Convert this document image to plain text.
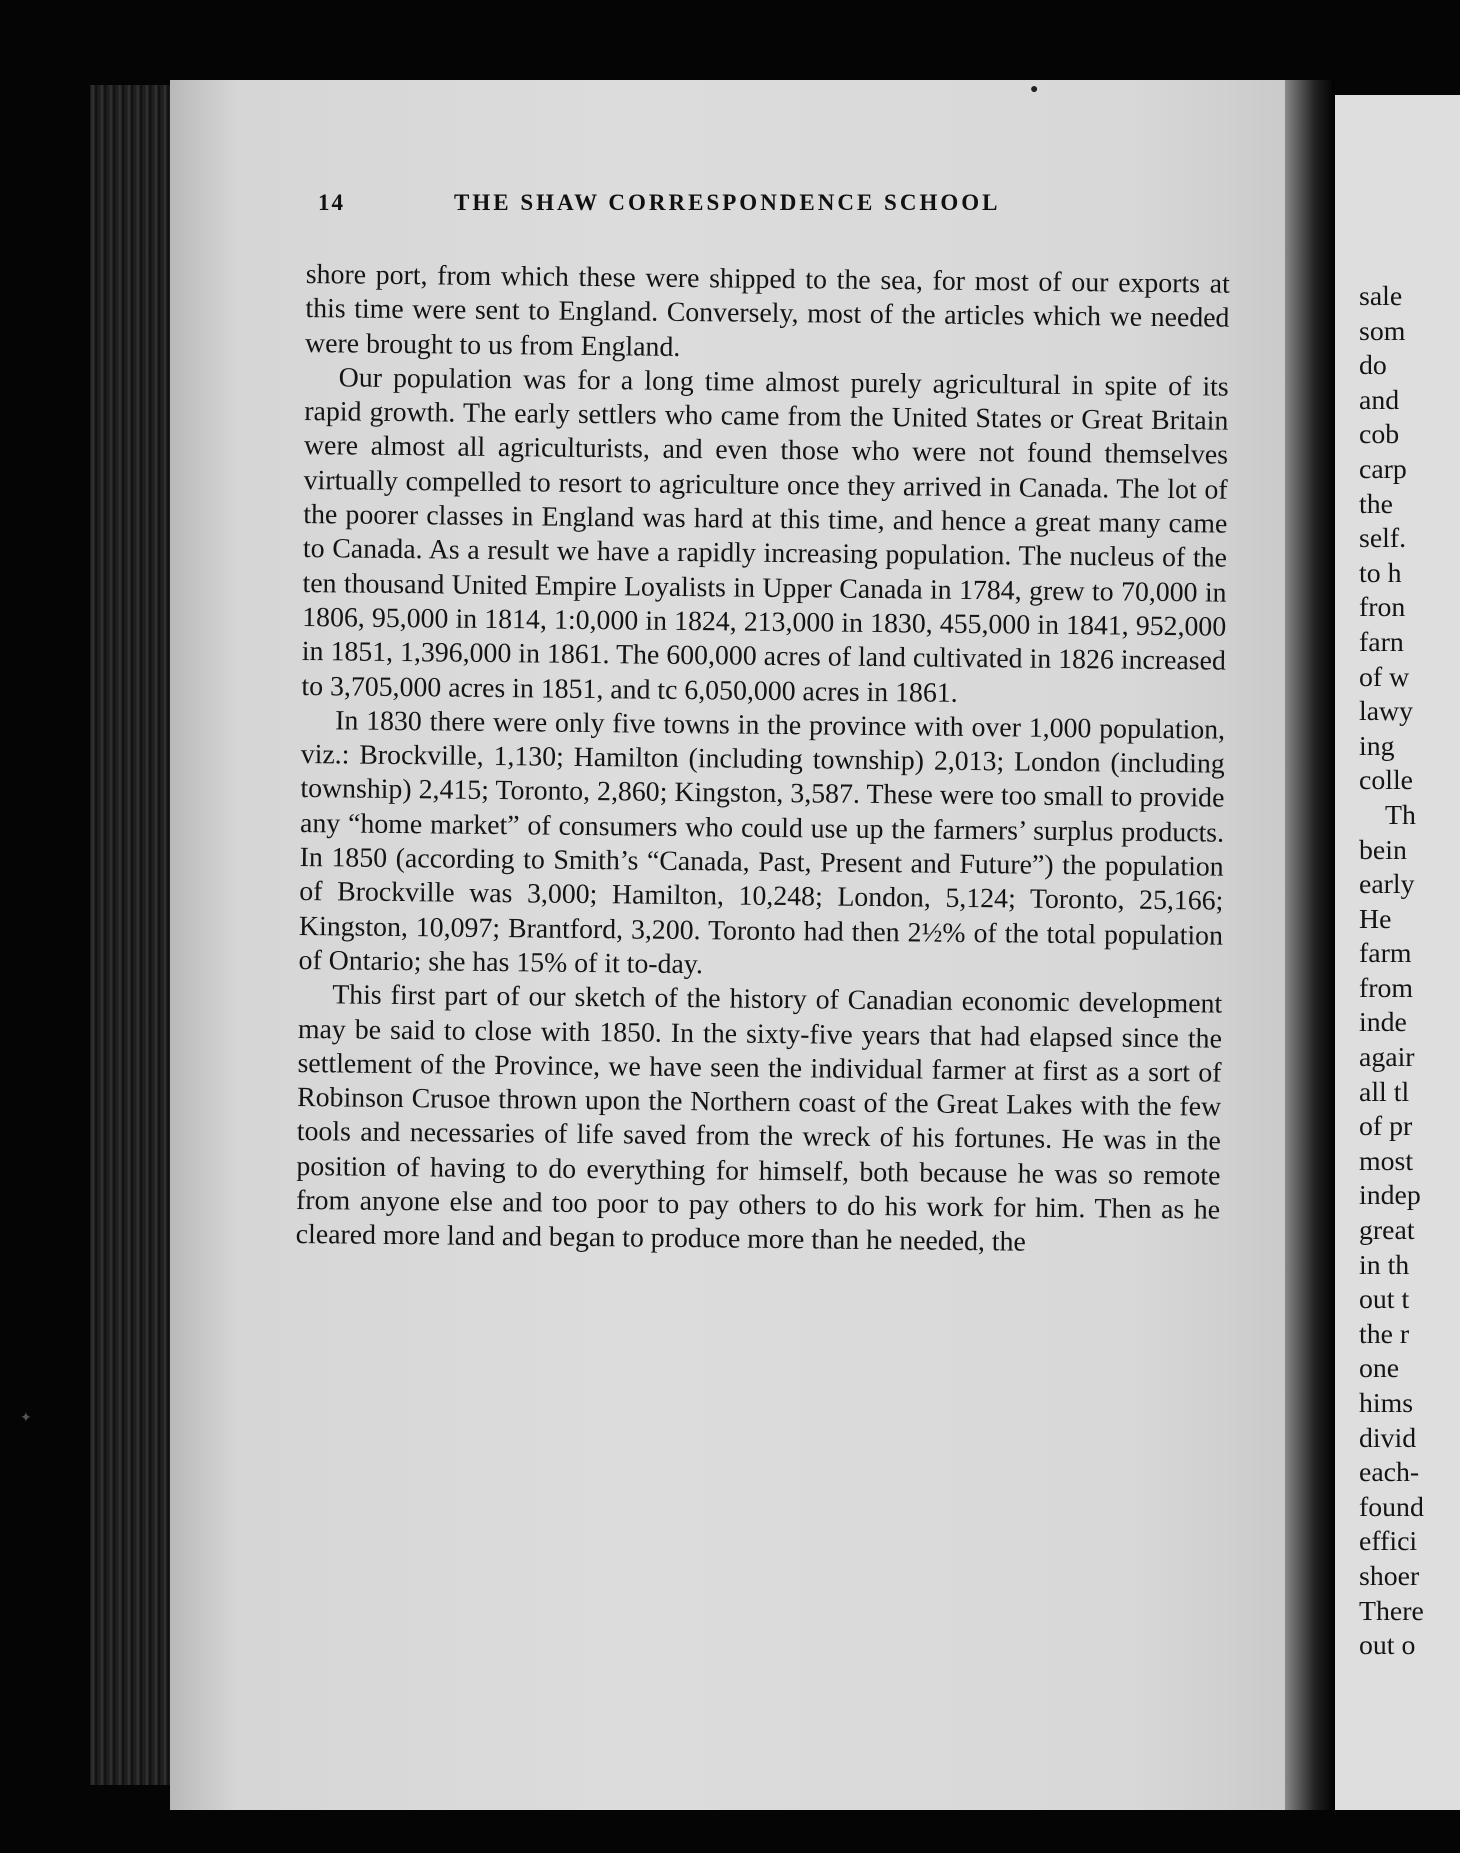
sale
som
do
and
cob
carp
the
self.
to h
fron
farn
of w
lawy
ing
colle
Th
bein
early
He
farm
from
inde
agair
all tl
of pr
most
indep
great
in th
out t
the r
one
hims
divid
each-
found
effici
shoer
There
out o
14	THE SHAW CORRESPONDENCE SCHOOL

shore port, from which these were shipped to the sea, for most of our exports at this time were sent to England. Conversely, most of the articles which we needed were brought to us from England.

Our population was for a long time almost purely agricultural in spite of its rapid growth. The early settlers who came from the United States or Great Britain were almost all agriculturists, and even those who were not found themselves virtually compelled to resort to agriculture once they arrived in Canada. The lot of the poorer classes in England was hard at this time, and hence a great many came to Canada. As a result we have a rapidly increasing population. The nucleus of the ten thousand United Empire Loyalists in Upper Canada in 1784, grew to 70,000 in 1806, 95,000 in 1814, 1:0,000 in 1824, 213,000 in 1830, 455,000 in 1841, 952,000 in 1851, 1,396,000 in 1861. The 600,000 acres of land cultivated in 1826 increased to 3,705,000 acres in 1851, and tc 6,050,000 acres in 1861.

In 1830 there were only five towns in the province with over 1,000 population, viz.: Brockville, 1,130; Hamilton (including township) 2,013; London (including township) 2,415; Toronto, 2,860; Kingston, 3,587. These were too small to provide any “home market” of consumers who could use up the farmers’ surplus products. In 1850 (according to Smith’s “Canada, Past, Present and Future”) the population of Brockville was 3,000; Hamilton, 10,248; London, 5,124; Toronto, 25,166; Kingston, 10,097; Brantford, 3,200. Toronto had then 2½% of the total population of Ontario; she has 15% of it to-day.

This first part of our sketch of the history of Canadian economic development may be said to close with 1850. In the sixty-five years that had elapsed since the settlement of the Province, we have seen the individual farmer at first as a sort of Robinson Crusoe thrown upon the Northern coast of the Great Lakes with the few tools and necessaries of life saved from the wreck of his fortunes. He was in the position of having to do everything for himself, both because he was so remote from anyone else and too poor to pay others to do his work for him. Then as he cleared more land and began to produce more than he needed, the

●
✦
